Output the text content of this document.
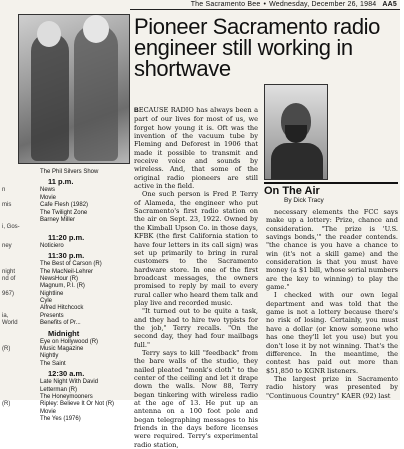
The Sacramento Bee • Wednesday, December 26, 1984 AA5
The Phil Silvers Show
11 p.m.
n	News
Movie
mis	Cafe Flesh (1982)
The Twilight Zone
Barney Miller
i, Gos-
11:20 p.m.
ney	Noticiero
11:30 p.m.
The Best of Carson (R)
night	The MacNeil-Lehrer
nd of	NewsHour (R)
Magnum, P.I. (R)
967)	Nightline
Cyle
Alfred Hitchcock
ia,	Presents
World	Benefits of Pr...
Midnight
Eye on Hollywood (R)
(R)	Music Magazine
Nightly
The Saint
12:30 a.m.
Late Night With David
Letterman (R)
The Honeymooners
(R)	Ripley: Believe It Or Not (R)
Movie
The Yes (1976)
Pioneer Sacramento radio engineer still working in shortwave
On The Air
By Dick Tracy

BECAUSE RADIO has always been a part of our lives for most of us, we forget how young it is. Oft was the invention of the vacuum tube by Fleming and Deforest in 1906 that made it possible to transmit and receive voice and sounds by wireless. And, that some of the original radio pioneers are still active in the field.

One such person is Fred P. Terry of Alameda, the engineer who put Sacramento's first radio station on the air on Sept. 23, 1922. Owned by the Kimball Upson Co. in those days, KFBK (the first California station to have four letters in its call sign) was set up primarily to bring in rural customers to the Sacramento hardware store. In one of the first broadcast messages, the owners promised to reply by mail to every rural caller who heard them talk and play live and recorded music.

"It turned out to be quite a task, and they had to hire two typists for the job," Terry recalls. "On the second day, they had four mailbags full."

Terry says to kill "feedback" from the bare walls of the studio, they nailed pleated "monk's cloth" to the center of the ceiling and let it drape down the walls. Now 88, Terry began tinkering with wireless radio at the age of 13. He put up an antenna on a 100 foot pole and began telegraphing messages to his friends in the days before licenses were required. Terry's experimental radio station,

necessary elements the FCC says make up a lottery: Prize, chance and consideration. "The prize is 'U.S. savings bonds,'" the reader contends. "the chance is you have a chance to win (it's not a skill game) and the consideration is that you must have money (a $1 bill, whose serial numbers are the key to winning) to play the game."

I checked with our own legal department and was told that the game is not a lottery because there's no risk of losing. Certainly, you must have a dollar (or know someone who has one they'll let you use) but you don't lose it by not winning. That's the difference. In the meantime, the contest has paid out more than $51,850 to KGNR listeners.

The largest prize in Sacramento radio history was presented by "Continuous Country" KAER (92) last
